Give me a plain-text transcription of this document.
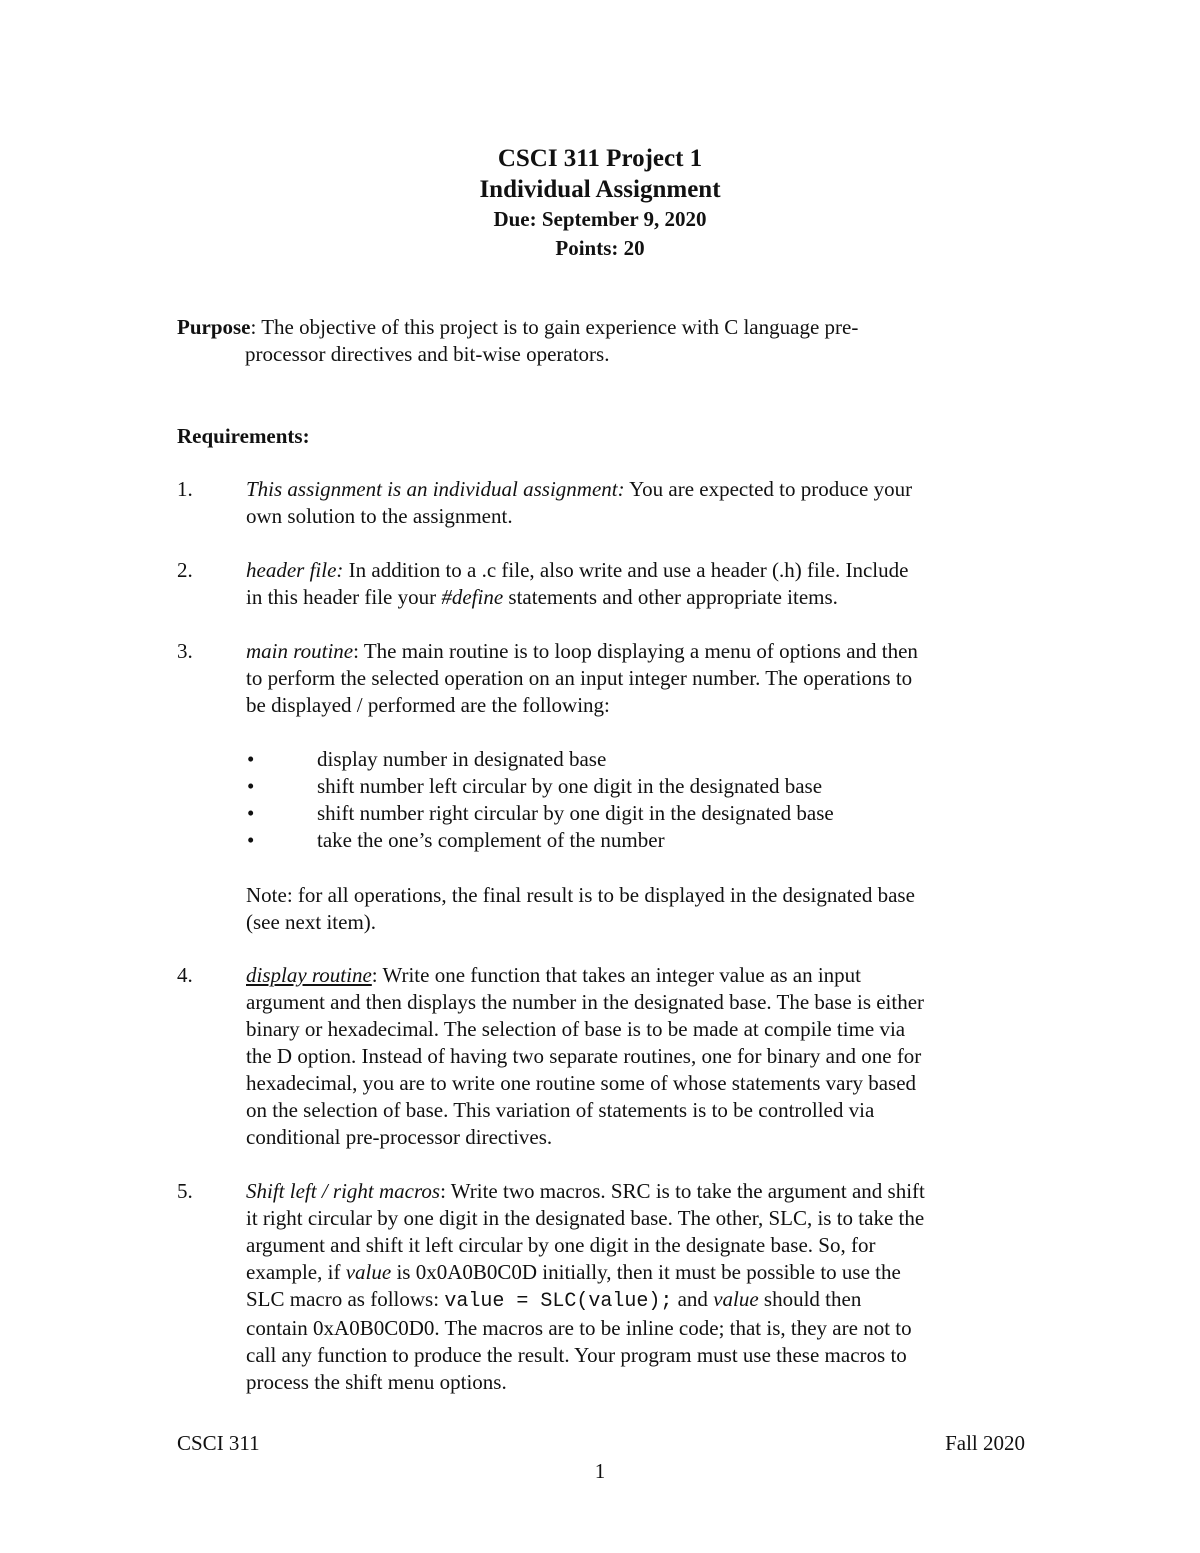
CSCI 311 Project 1
Individual Assignment
Due: September 9, 2020
Points: 20
Purpose: The objective of this project is to gain experience with C language pre-
processor directives and bit-wise operators.
Requirements:
1.	This assignment is an individual assignment: You are expected to produce your
own solution to the assignment.
2.	header file: In addition to a .c file, also write and use a header (.h) file. Include
in this header file your #define statements and other appropriate items.
3.	main routine: The main routine is to loop displaying a menu of options and then
to perform the selected operation on an input integer number. The operations to
be displayed / performed are the following:
•	display number in designated base
•	shift number left circular by one digit in the designated base
•	shift number right circular by one digit in the designated base
•	take the one’s complement of the number
Note: for all operations, the final result is to be displayed in the designated base
(see next item).
4.	display routine: Write one function that takes an integer value as an input
argument and then displays the number in the designated base. The base is either
binary or hexadecimal. The selection of base is to be made at compile time via
the D option. Instead of having two separate routines, one for binary and one for
hexadecimal, you are to write one routine some of whose statements vary based
on the selection of base. This variation of statements is to be controlled via
conditional pre-processor directives.
5.	Shift left / right macros: Write two macros. SRC is to take the argument and shift
it right circular by one digit in the designated base. The other, SLC, is to take the
argument and shift it left circular by one digit in the designate base. So, for
example, if value is 0x0A0B0C0D initially, then it must be possible to use the
SLC macro as follows: value = SLC(value); and value should then
contain 0xA0B0C0D0. The macros are to be inline code; that is, they are not to
call any function to produce the result. Your program must use these macros to
process the shift menu options.
CSCI 311	Fall 2020
1
